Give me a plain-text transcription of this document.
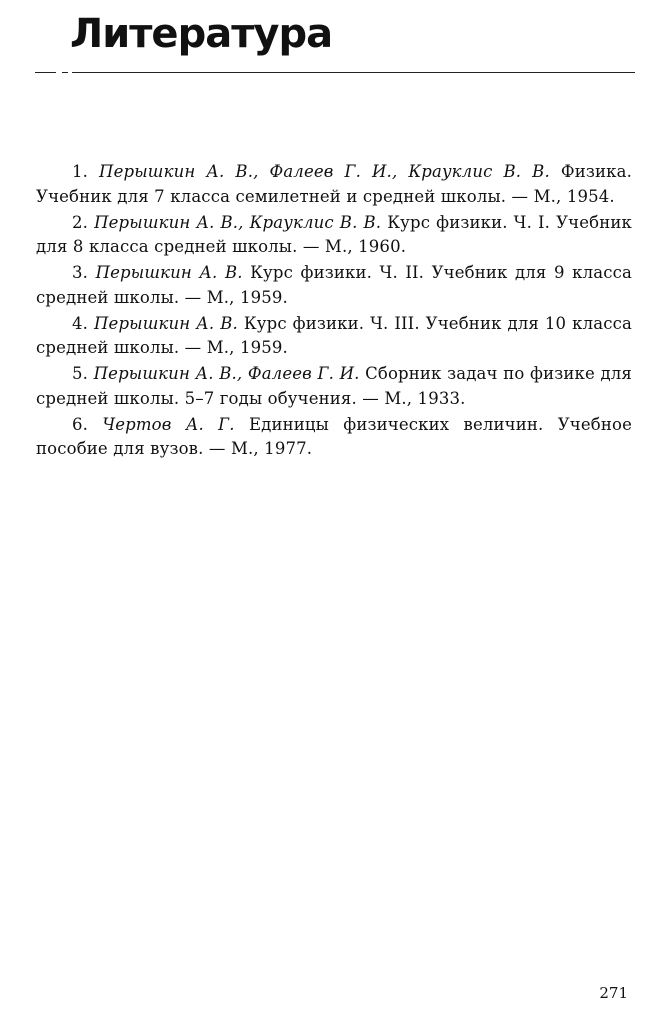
Литература
1. Перышкин А. В., Фалеев Г. И., Крауклис В. В. Физика. Учебник для 7 класса семилетней и средней школы. — М., 1954.
2. Перышкин А. В., Крауклис В. В. Курс физики. Ч. I. Учебник для 8 класса средней школы. — М., 1960.
3. Перышкин А. В. Курс физики. Ч. II. Учебник для 9 класса средней школы. — М., 1959.
4. Перышкин А. В. Курс физики. Ч. III. Учебник для 10 класса средней школы. — М., 1959.
5. Перышкин А. В., Фалеев Г. И. Сборник задач по физике для средней школы. 5–7 годы обучения. — М., 1933.
6. Чертов А. Г. Единицы физических величин. Учебное пособие для вузов. — М., 1977.
271
